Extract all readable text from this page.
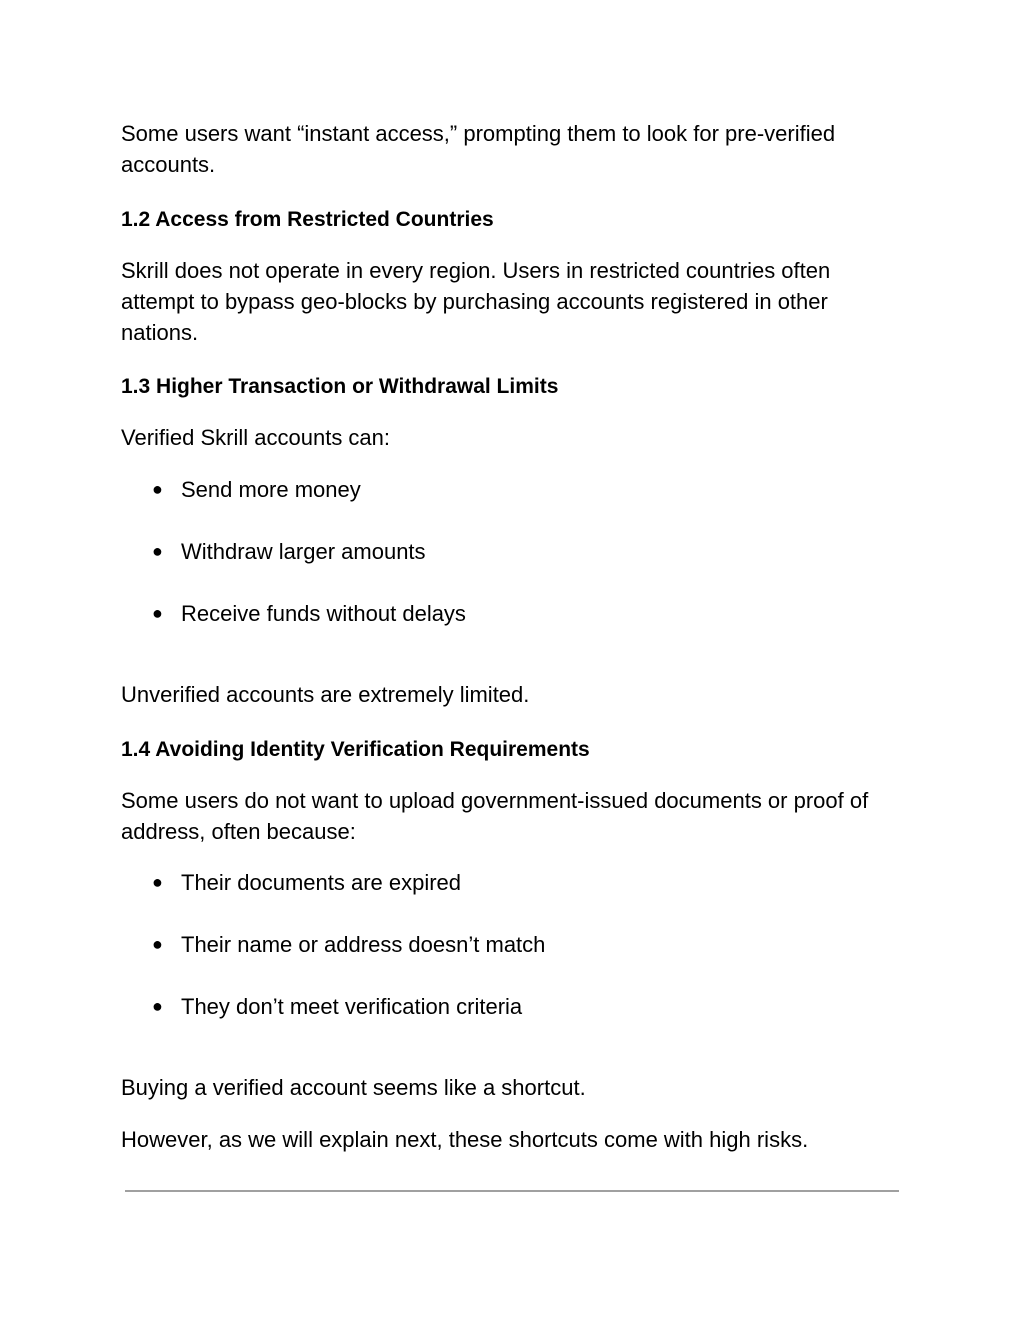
Some users want “instant access,” prompting them to look for pre-verified accounts.

1.2 Access from Restricted Countries

Skrill does not operate in every region. Users in restricted countries often attempt to bypass geo-blocks by purchasing accounts registered in other nations.

1.3 Higher Transaction or Withdrawal Limits

Verified Skrill accounts can:

● Send more money
● Withdraw larger amounts
● Receive funds without delays

Unverified accounts are extremely limited.

1.4 Avoiding Identity Verification Requirements

Some users do not want to upload government-issued documents or proof of address, often because:

● Their documents are expired
● Their name or address doesn’t match
● They don’t meet verification criteria

Buying a verified account seems like a shortcut.

However, as we will explain next, these shortcuts come with high risks.
